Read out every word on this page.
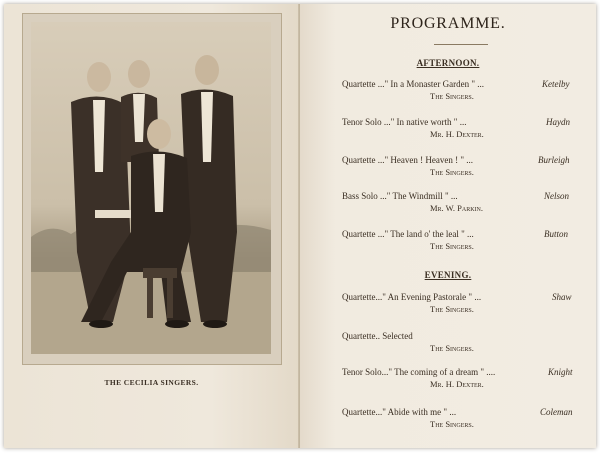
THE CECILIA SINGERS.
PROGRAMME.
AFTERNOON.
Quartette ..." In a Monaster Garden " ...	Ketelby
The Singers.
Tenor Solo ..." In native worth " ...	Haydn
Mr. H. Dexter.
Quartette ..." Heaven ! Heaven ! " ...	Burleigh
The Singers.
Bass Solo ..." The Windmill " ...	Nelson
Mr. W. Parkin.
Quartette ..." The land o' the leal " ...	Button
The Singers.
EVENING.
Quartette..." An Evening Pastorale " ...	Shaw
The Singers.
Quartette.. Selected
The Singers.
Tenor Solo..." The coming of a dream " ....	Knight
Mr. H. Dexter.
Quartette..." Abide with me " ...	Coleman
The Singers.
